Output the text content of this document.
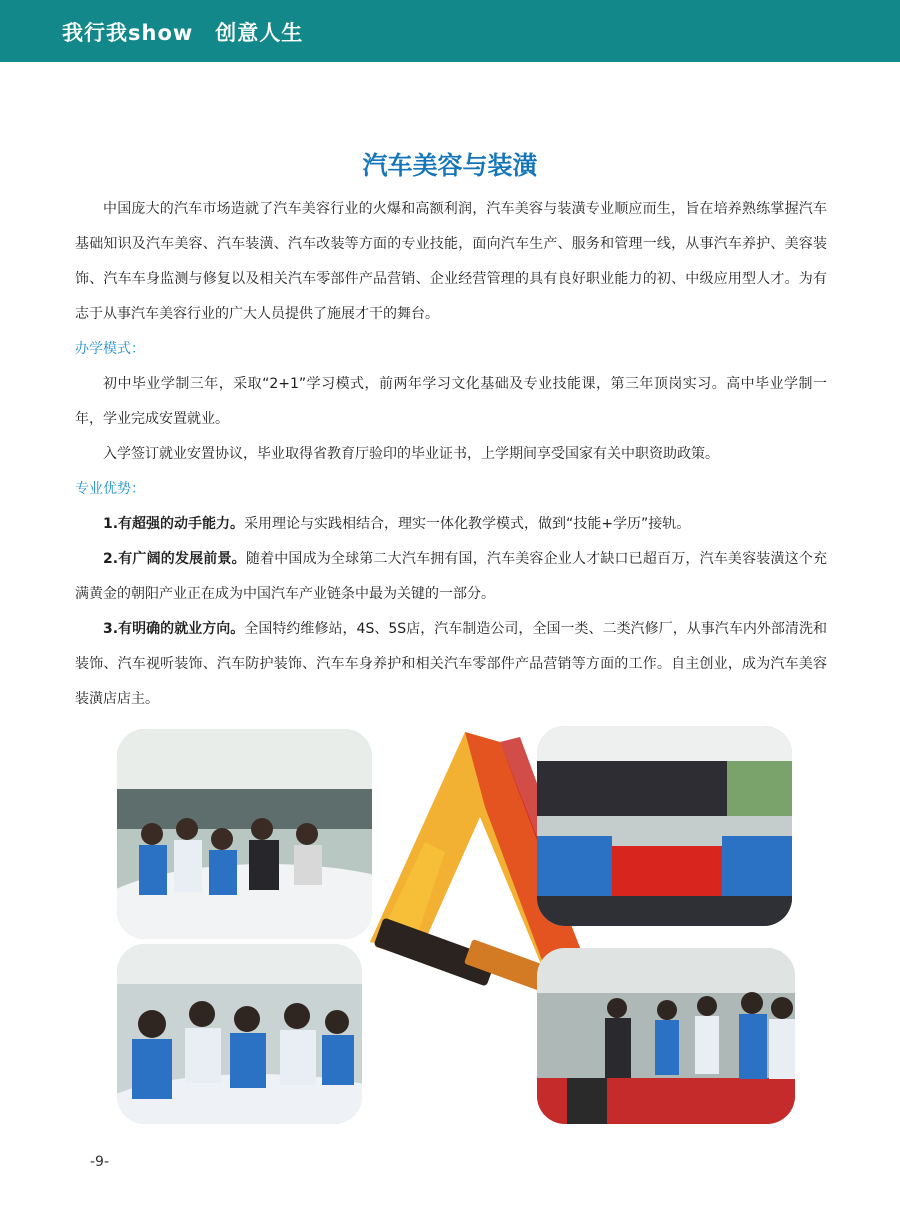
我行我show　创意人生
汽车美容与装潢

中国庞大的汽车市场造就了汽车美容行业的火爆和高额利润，汽车美容与装潢专业顺应而生，旨在培养熟练掌握汽车基础知识及汽车美容、汽车装潢、汽车改装等方面的专业技能，面向汽车生产、服务和管理一线，从事汽车养护、美容装饰、汽车车身监测与修复以及相关汽车零部件产品营销、企业经营管理的具有良好职业能力的初、中级应用型人才。为有志于从事汽车美容行业的广大人员提供了施展才干的舞台。

办学模式：

初中毕业学制三年，采取“2+1”学习模式，前两年学习文化基础及专业技能课，第三年顶岗实习。高中毕业学制一年，学业完成安置就业。

入学签订就业安置协议，毕业取得省教育厅验印的毕业证书，上学期间享受国家有关中职资助政策。

专业优势：

1.有超强的动手能力。采用理论与实践相结合，理实一体化教学模式，做到“技能+学历”接轨。

2.有广阔的发展前景。随着中国成为全球第二大汽车拥有国，汽车美容企业人才缺口已超百万，汽车美容装潢这个充满黄金的朝阳产业正在成为中国汽车产业链条中最为关键的一部分。

3.有明确的就业方向。全国特约维修站，4S、5S店，汽车制造公司，全国一类、二类汽修厂，从事汽车内外部清洗和装饰、汽车视听装饰、汽车防护装饰、汽车车身养护和相关汽车零部件产品营销等方面的工作。自主创业，成为汽车美容装潢店店主。

-9-
